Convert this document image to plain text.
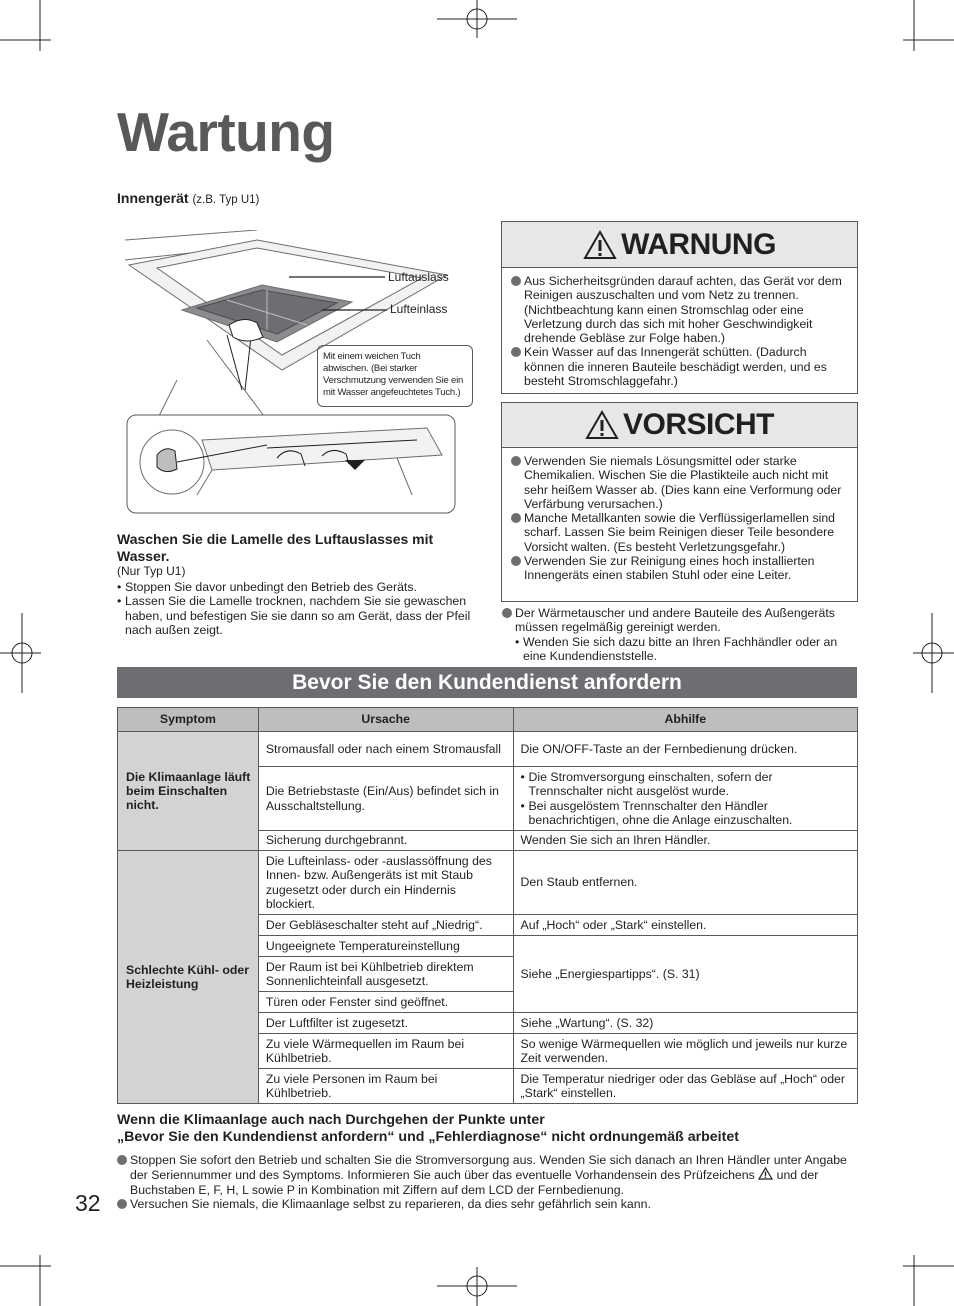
Wartung
Innengerät (z.B. Typ U1)
Luftauslass
Lufteinlass
Mit einem weichen Tuch abwischen. (Bei starker Verschmutzung verwenden Sie ein mit Wasser angefeuchtetes Tuch.)
WARNUNG
Aus Sicherheitsgründen darauf achten, das Gerät vor dem Reinigen auszuschalten und vom Netz zu trennen. (Nichtbeachtung kann einen Stromschlag oder eine Verletzung durch das sich mit hoher Geschwindigkeit drehende Gebläse zur Folge haben.)
Kein Wasser auf das Innengerät schütten. (Dadurch können die inneren Bauteile beschädigt werden, und es besteht Stromschlaggefahr.)
VORSICHT
Verwenden Sie niemals Lösungsmittel oder starke Chemikalien. Wischen Sie die Plastikteile auch nicht mit sehr heißem Wasser ab. (Dies kann eine Verformung oder Verfärbung verursachen.)
Manche Metallkanten sowie die Verflüssigerlamellen sind scharf. Lassen Sie beim Reinigen dieser Teile besondere Vorsicht walten. (Es besteht Verletzungsgefahr.)
Verwenden Sie zur Reinigung eines hoch installierten Innengeräts einen stabilen Stuhl oder eine Leiter.
Der Wärmetauscher und andere Bauteile des Außengeräts müssen regelmäßig gereinigt werden.
• Wenden Sie sich dazu bitte an Ihren Fachhändler oder an eine Kundendienststelle.
Waschen Sie die Lamelle des Luftauslasses mit Wasser.
(Nur Typ U1)
• Stoppen Sie davor unbedingt den Betrieb des Geräts.
• Lassen Sie die Lamelle trocknen, nachdem Sie sie gewaschen haben, und befestigen Sie sie dann so am Gerät, dass der Pfeil nach außen zeigt.
Bevor Sie den Kundendienst anfordern
Symptom	Ursache	Abhilfe
Die Klimaanlage läuft beim Einschalten nicht.	Stromausfall oder nach einem Stromausfall	Die ON/OFF-Taste an der Fernbedienung drücken.
	Die Betriebstaste (Ein/Aus) befindet sich in Ausschaltstellung.	• Die Stromversorgung einschalten, sofern der Trennschalter nicht ausgelöst wurde.
• Bei ausgelöstem Trennschalter den Händler benachrichtigen, ohne die Anlage einzuschalten.

	Sicherung durchgebrannt.	Wenden Sie sich an Ihren Händler.
Schlechte Kühl- oder Heizleistung	Die Lufteinlass- oder -auslassöffnung des Innen- bzw. Außengeräts ist mit Staub zugesetzt oder durch ein Hindernis blockiert.	Den Staub entfernen.
	Der Gebläseschalter steht auf „Niedrig“.	Auf „Hoch“ oder „Stark“ einstellen.
	Ungeeignete Temperatureinstellung	Siehe „Energiespartipps“. (S. 31)
	Der Raum ist bei Kühlbetrieb direktem Sonnenlichteinfall ausgesetzt.	
	Türen oder Fenster sind geöffnet.	
	Der Luftfilter ist zugesetzt.	Siehe „Wartung“. (S. 32)
	Zu viele Wärmequellen im Raum bei Kühlbetrieb.	So wenige Wärmequellen wie möglich und jeweils nur kurze Zeit verwenden.
	Zu viele Personen im Raum bei Kühlbetrieb.	Die Temperatur niedriger oder das Gebläse auf „Hoch“ oder „Stark“ einstellen.
Wenn die Klimaanlage auch nach Durchgehen der Punkte unter
„Bevor Sie den Kundendienst anfordern“ und „Fehlerdiagnose“ nicht ordnungemäß arbeitet
Stoppen Sie sofort den Betrieb und schalten Sie die Stromversorgung aus. Wenden Sie sich danach an Ihren Händler unter Angabe der Seriennummer und des Symptoms. Informieren Sie auch über das eventuelle Vorhandensein des Prüfzeichens und der Buchstaben E, F, H, L sowie P in Kombination mit Ziffern auf dem LCD der Fernbedienung.
Versuchen Sie niemals, die Klimaanlage selbst zu reparieren, da dies sehr gefährlich sein kann.
32
